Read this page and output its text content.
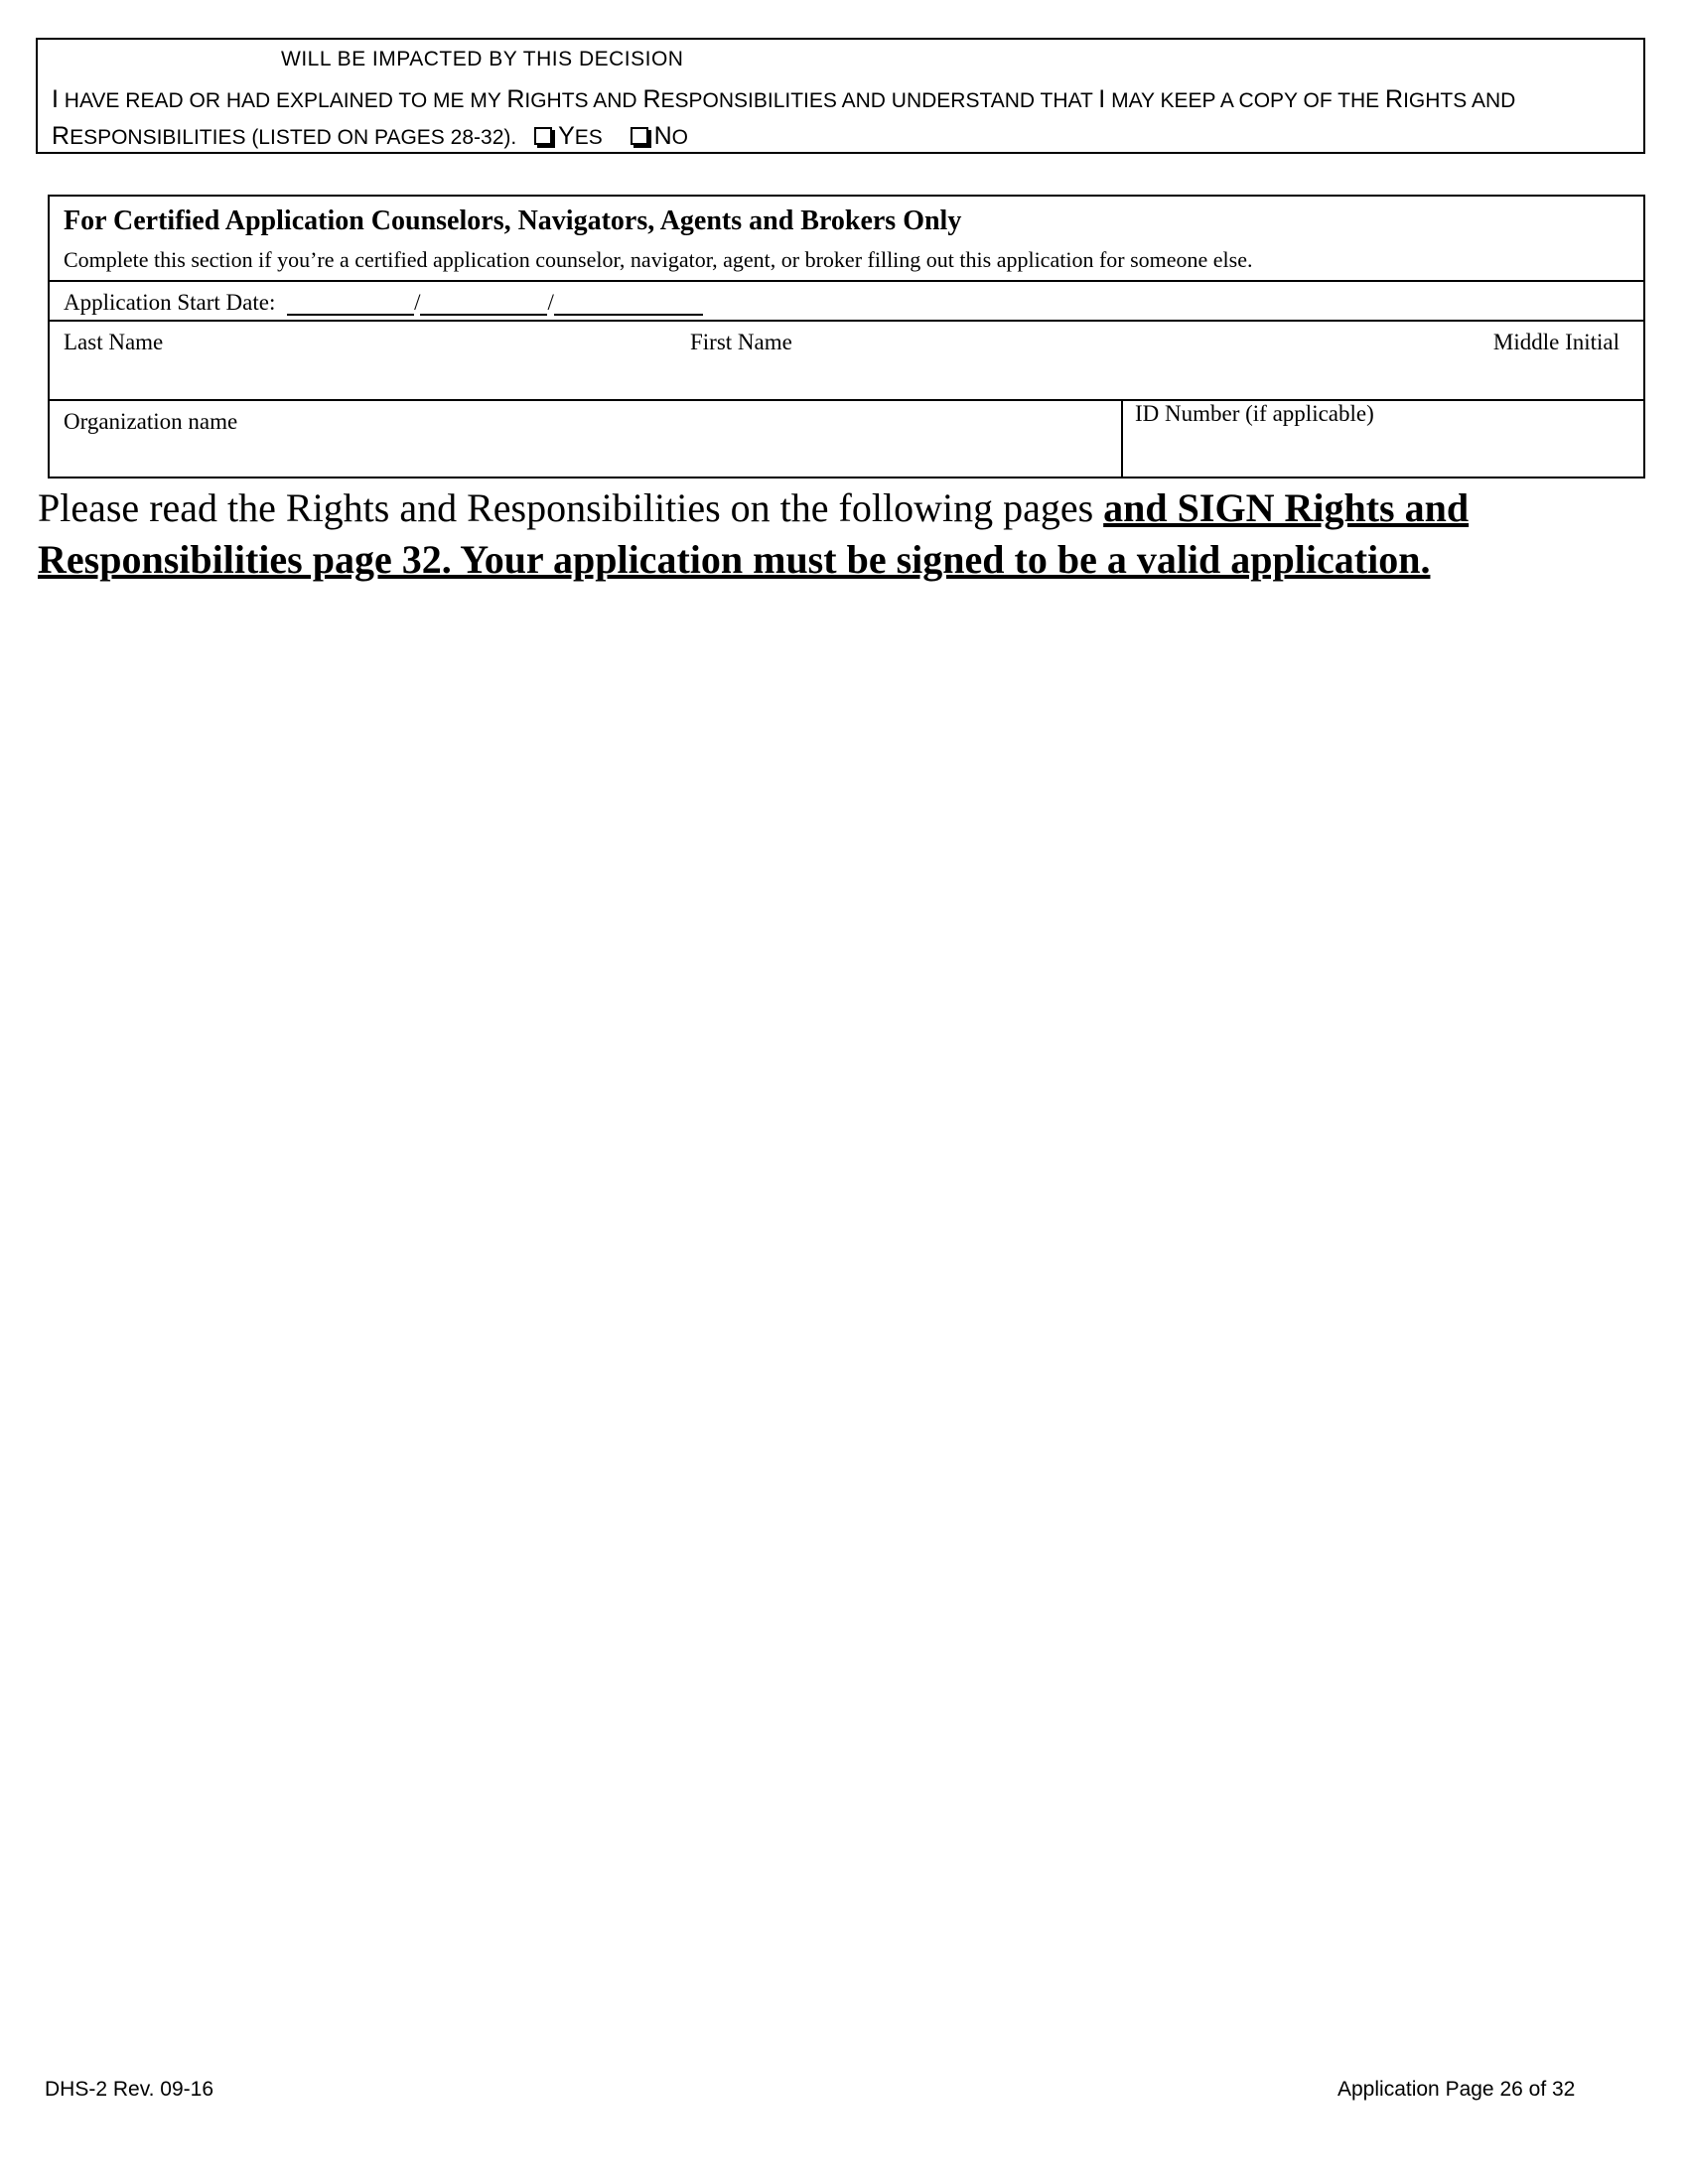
WILL BE IMPACTED BY THIS DECISION
I HAVE READ OR HAD EXPLAINED TO ME MY RIGHTS AND RESPONSIBILITIES AND UNDERSTAND THAT I MAY KEEP A COPY OF THE RIGHTS AND
RESPONSIBILITIES (LISTED ON PAGES 28-32). YES NO
For Certified Application Counselors, Navigators, Agents and Brokers Only
Complete this section if you’re a certified application counselor, navigator, agent, or broker filling out this application for someone else.
Application Start Date:	/	/
Last Name	First Name	Middle Initial
Organization name	ID Number (if applicable)
Please read the Rights and Responsibilities on the following pages and SIGN Rights and Responsibilities page 32. Your application must be signed to be a valid application.
DHS-2 Rev. 09-16	Application Page 26 of 32
